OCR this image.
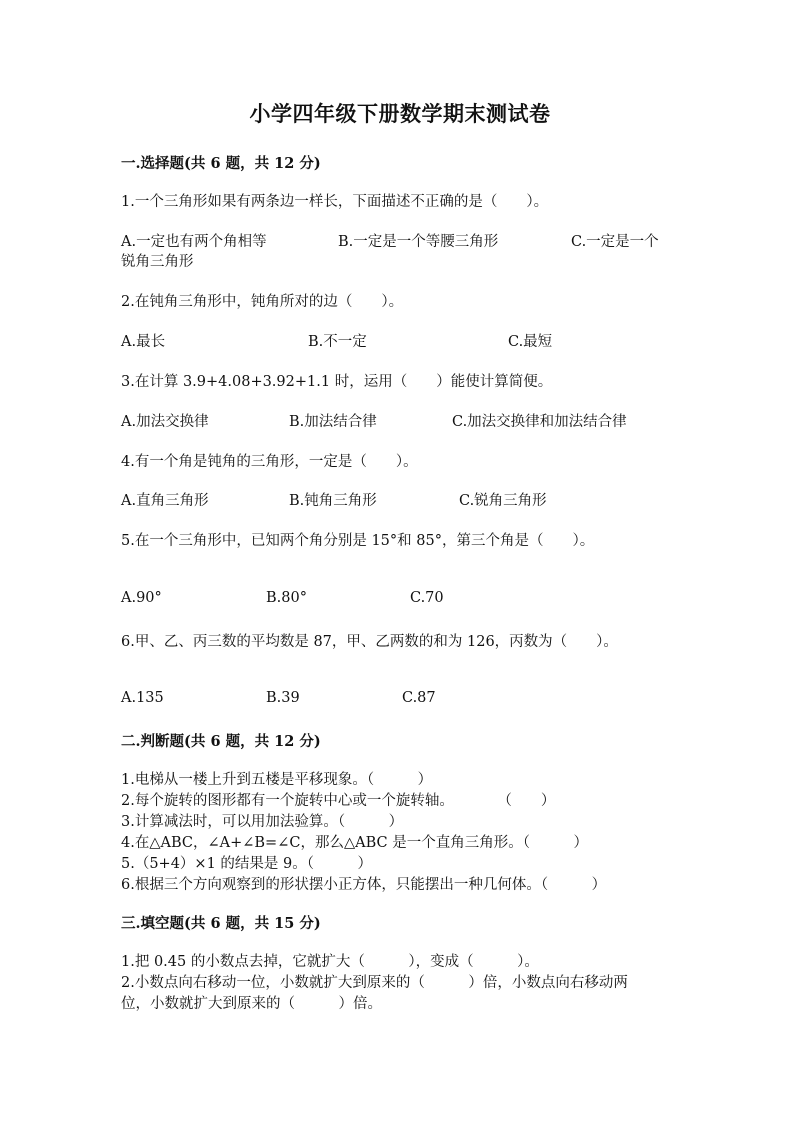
小学四年级下册数学期末测试卷
一.选择题(共 6 题，共 12 分)
1.一个三角形如果有两条边一样长，下面描述不正确的是（　　）。
A.一定也有两个角相等	B.一定是一个等腰三角形	C.一定是一个
锐角三角形
2.在钝角三角形中，钝角所对的边（　　）。
A.最长	B.不一定	C.最短
3.在计算 3.9+4.08+3.92+1.1 时，运用（　　）能使计算简便。
A.加法交换律	B.加法结合律	C.加法交换律和加法结合律
4.有一个角是钝角的三角形，一定是（　　）。
A.直角三角形	B.钝角三角形	C.锐角三角形
5.在一个三角形中，已知两个角分别是 15°和 85°，第三个角是（　　）。
A.90°	B.80°	C.70
6.甲、乙、丙三数的平均数是 87，甲、乙两数的和为 126，丙数为（　　）。
A.135	B.39	C.87
二.判断题(共 6 题，共 12 分)
1.电梯从一楼上升到五楼是平移现象。（　　　）
2.每个旋转的图形都有一个旋转中心或一个旋转轴。　　　　（　　）
3.计算减法时，可以用加法验算。（　　　）
4.在△ABC，∠A+∠B=∠C，那么△ABC 是一个直角三角形。（　　　）
5.（5+4）×1 的结果是 9。（　　　）
6.根据三个方向观察到的形状摆小正方体，只能摆出一种几何体。（　　　）
三.填空题(共 6 题，共 15 分)
1.把 0.45 的小数点去掉，它就扩大（　　　），变成（　　　）。
2.小数点向右移动一位，小数就扩大到原来的（　　　）倍，小数点向右移动两
位，小数就扩大到原来的（　　　）倍。
